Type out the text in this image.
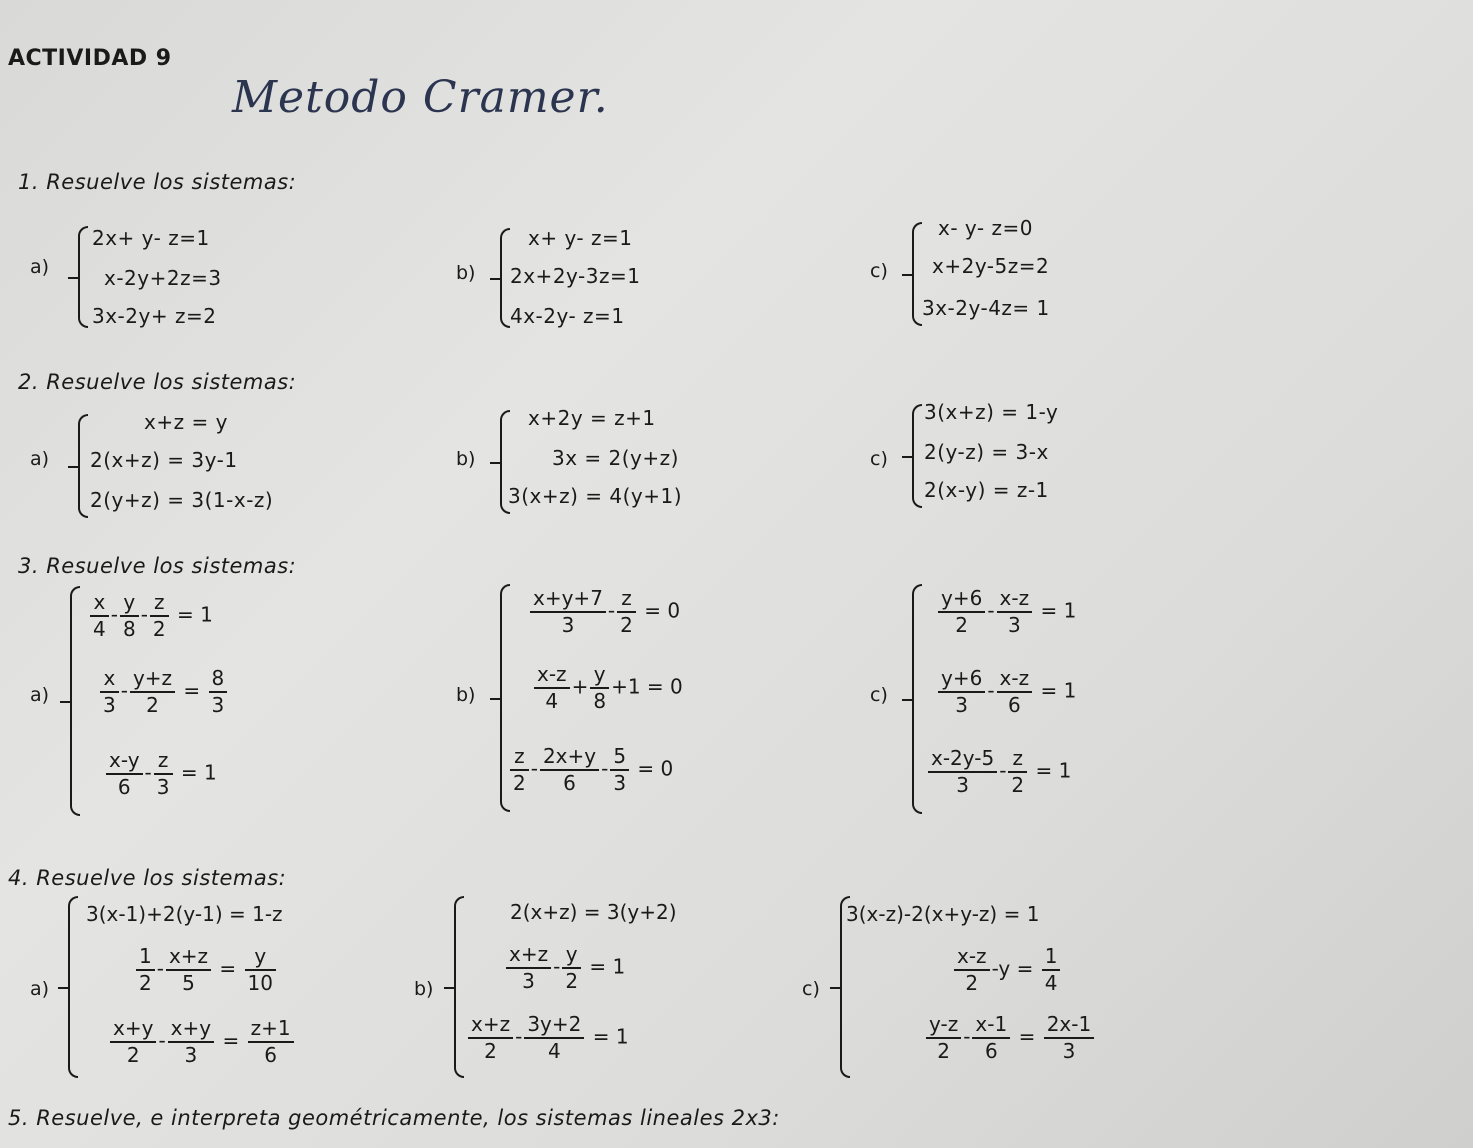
ACTIVIDAD 9
Metodo Cramer.
1. Resuelve los sistemas:
a)
2x+ y- z=1
x-2y+2z=3
3x-2y+ z=2
b)
x+ y- z=1
2x+2y-3z=1
4x-2y- z=1
c)
x- y- z=0
x+2y-5z=2
3x-2y-4z= 1
2. Resuelve los sistemas:
a)
x+z = y
2(x+z) = 3y-1
2(y+z) = 3(1-x-z)
b)
x+2y = z+1
3x = 2(y+z)
3(x+z) = 4(y+1)
c)
3(x+z) = 1-y
2(y-z) = 3-x
2(x-y) = z-1
3. Resuelve los sistemas:
a)
$\frac{x}{4} - \frac{y}{8} - \frac{z}{2} = 1$
$\frac{x}{3} - \frac{y+z}{2} = \frac{8}{3}$
$\frac{x-y}{6} - \frac{z}{3} = 1$
b)
$\frac{x+y+7}{3} - \frac{z}{2} = 0$
$\frac{x-z}{4} + \frac{y}{8} +1 = 0$
$\frac{z}{2} - \frac{2x+y}{6} - \frac{5}{3} = 0$
c)
$\frac{y+6}{2} - \frac{x-z}{3} = 1$
$\frac{y+6}{3} - \frac{x-z}{6} = 1$
$\frac{x-2y-5}{3} - \frac{z}{2} = 1$
4. Resuelve los sistemas:
a)
3(x-1)+2(y-1) = 1-z
$\frac{1}{2} - \frac{x+z}{5} = \frac{y}{10}$
$\frac{x+y}{2} - \frac{x+y}{3} = \frac{z+1}{6}$
b)
2(x+z) = 3(y+2)
$\frac{x+z}{3} - \frac{y}{2} = 1$
$\frac{x+z}{2} - \frac{3y+2}{4} = 1$
c)
3(x-z)-2(x+y-z) = 1
$\frac{x-z}{2} -y = \frac{1}{4}$
$\frac{y-z}{2} - \frac{x-1}{6} = \frac{2x-1}{3}$
5. Resuelve, e interpreta geométricamente, los sistemas lineales 2x3:
